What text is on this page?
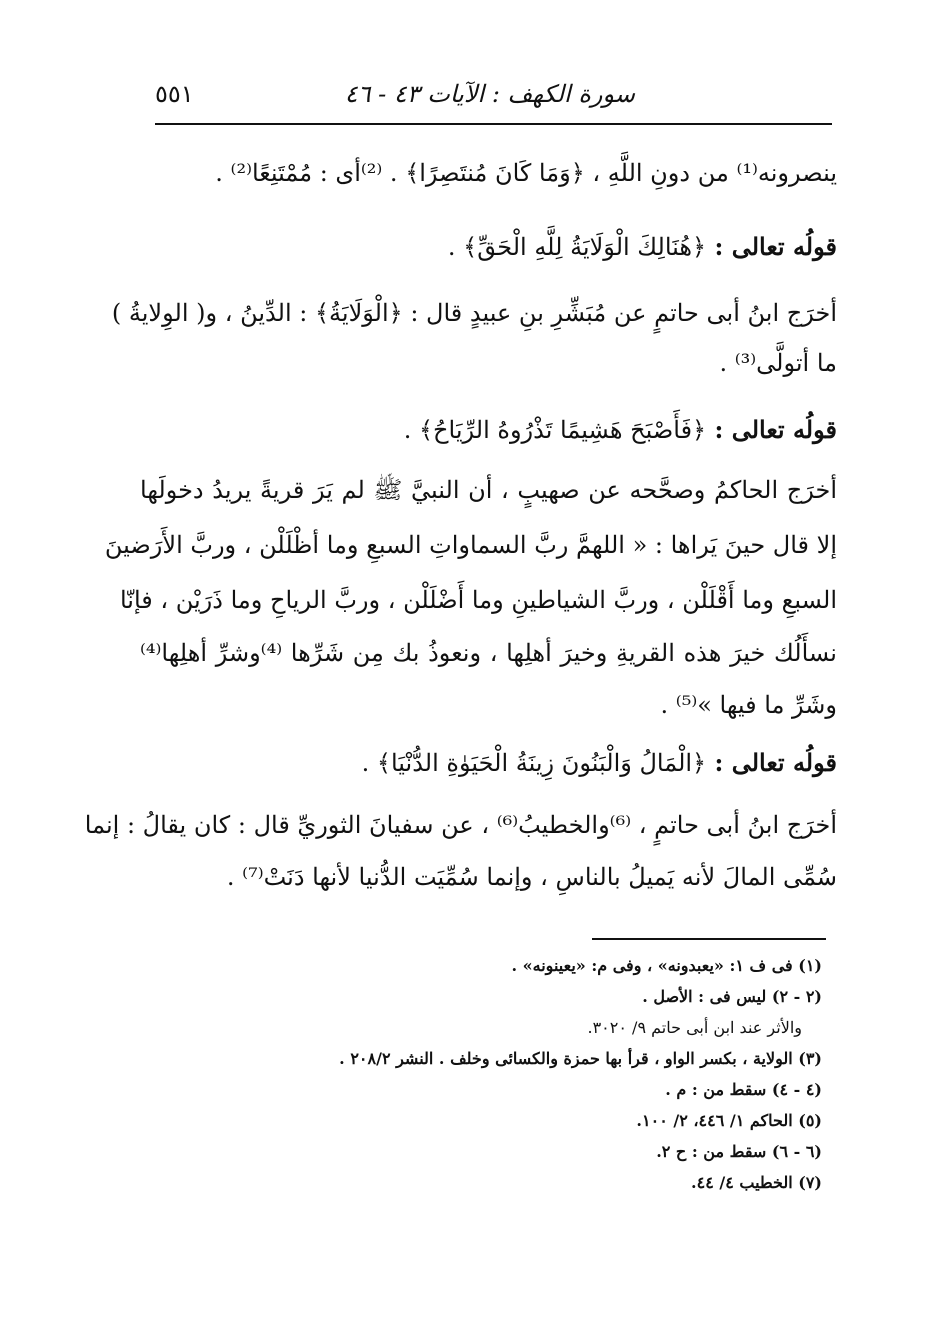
سورة الكهف : الآيات ٤٣ - ٤٦
٥٥١
ينصرونه⁽¹⁾ من دونِ اللَّهِ ، ﴿وَمَا كَانَ مُنتَصِرًا﴾ . ⁽²⁾أى : مُمْتَنِعًا⁽²⁾ .
قولُه تعالى : ﴿هُنَالِكَ الْوَلَايَةُ لِلَّهِ الْحَقِّ﴾ .
أخرَج ابنُ أبى حاتمٍ عن مُبَشِّرِ بنِ عبيدٍ قال : ﴿الْوَلَايَةُ﴾ : الدِّينُ ، و( الوِلايةُ )
ما أتولَّى⁽³⁾ .
قولُه تعالى : ﴿فَأَصْبَحَ هَشِيمًا تَذْرُوهُ الرِّيَاحُ﴾ .
أخرَج الحاكمُ وصحَّحه عن صهيبٍ ، أن النبيَّ ﷺ لم يَرَ قريةً يريدُ دخولَها
إلا قال حينَ يَراها : « اللهمَّ ربَّ السماواتِ السبعِ وما أظْلَلْن ، وربَّ الأَرَضينَ
السبعِ وما أَقْلَلْن ، وربَّ الشياطينِ وما أَضْلَلْن ، وربَّ الرياحِ وما ذَرَيْن ، فإنّا
نسأَلُك خيرَ هذه القريةِ وخيرَ أهلِها ، ونعوذُ بك مِن شَرِّها ⁽⁴⁾وشرِّ أهلِها⁽⁴⁾
وشَرِّ ما فيها »⁽⁵⁾ .
قولُه تعالى : ﴿الْمَالُ وَالْبَنُونَ زِينَةُ الْحَيَوٰةِ الدُّنْيَا﴾ .
أخرَج ابنُ أبى حاتمٍ ، ⁽⁶⁾والخطيبُ⁽⁶⁾ ، عن سفيانَ الثوريِّ قال : كان يقالُ : إنما
سُمِّى المالَ لأنه يَميلُ بالناسِ ، وإنما سُمِّيَت الدُّنيا لأنها دَنَتْ⁽⁷⁾ .
(١) فى ف ١: «يعبدونه» ، وفى م: «يعينونه» .
(٢ - ٢) ليس فى : الأصل .
والأثر عند ابن أبى حاتم ٩/ ٣٠٢٠.
(٣) الولاية ، بكسر الواو ، قرأ بها حمزة والكسائى وخلف . النشر ٢٠٨/٢ .
(٤ - ٤) سقط من : م .
(٥) الحاكم ١/ ٤٤٦، ٢/ ١٠٠.
(٦ - ٦) سقط من : ح ٢.
(٧) الخطيب ٤/ ٤٤.
